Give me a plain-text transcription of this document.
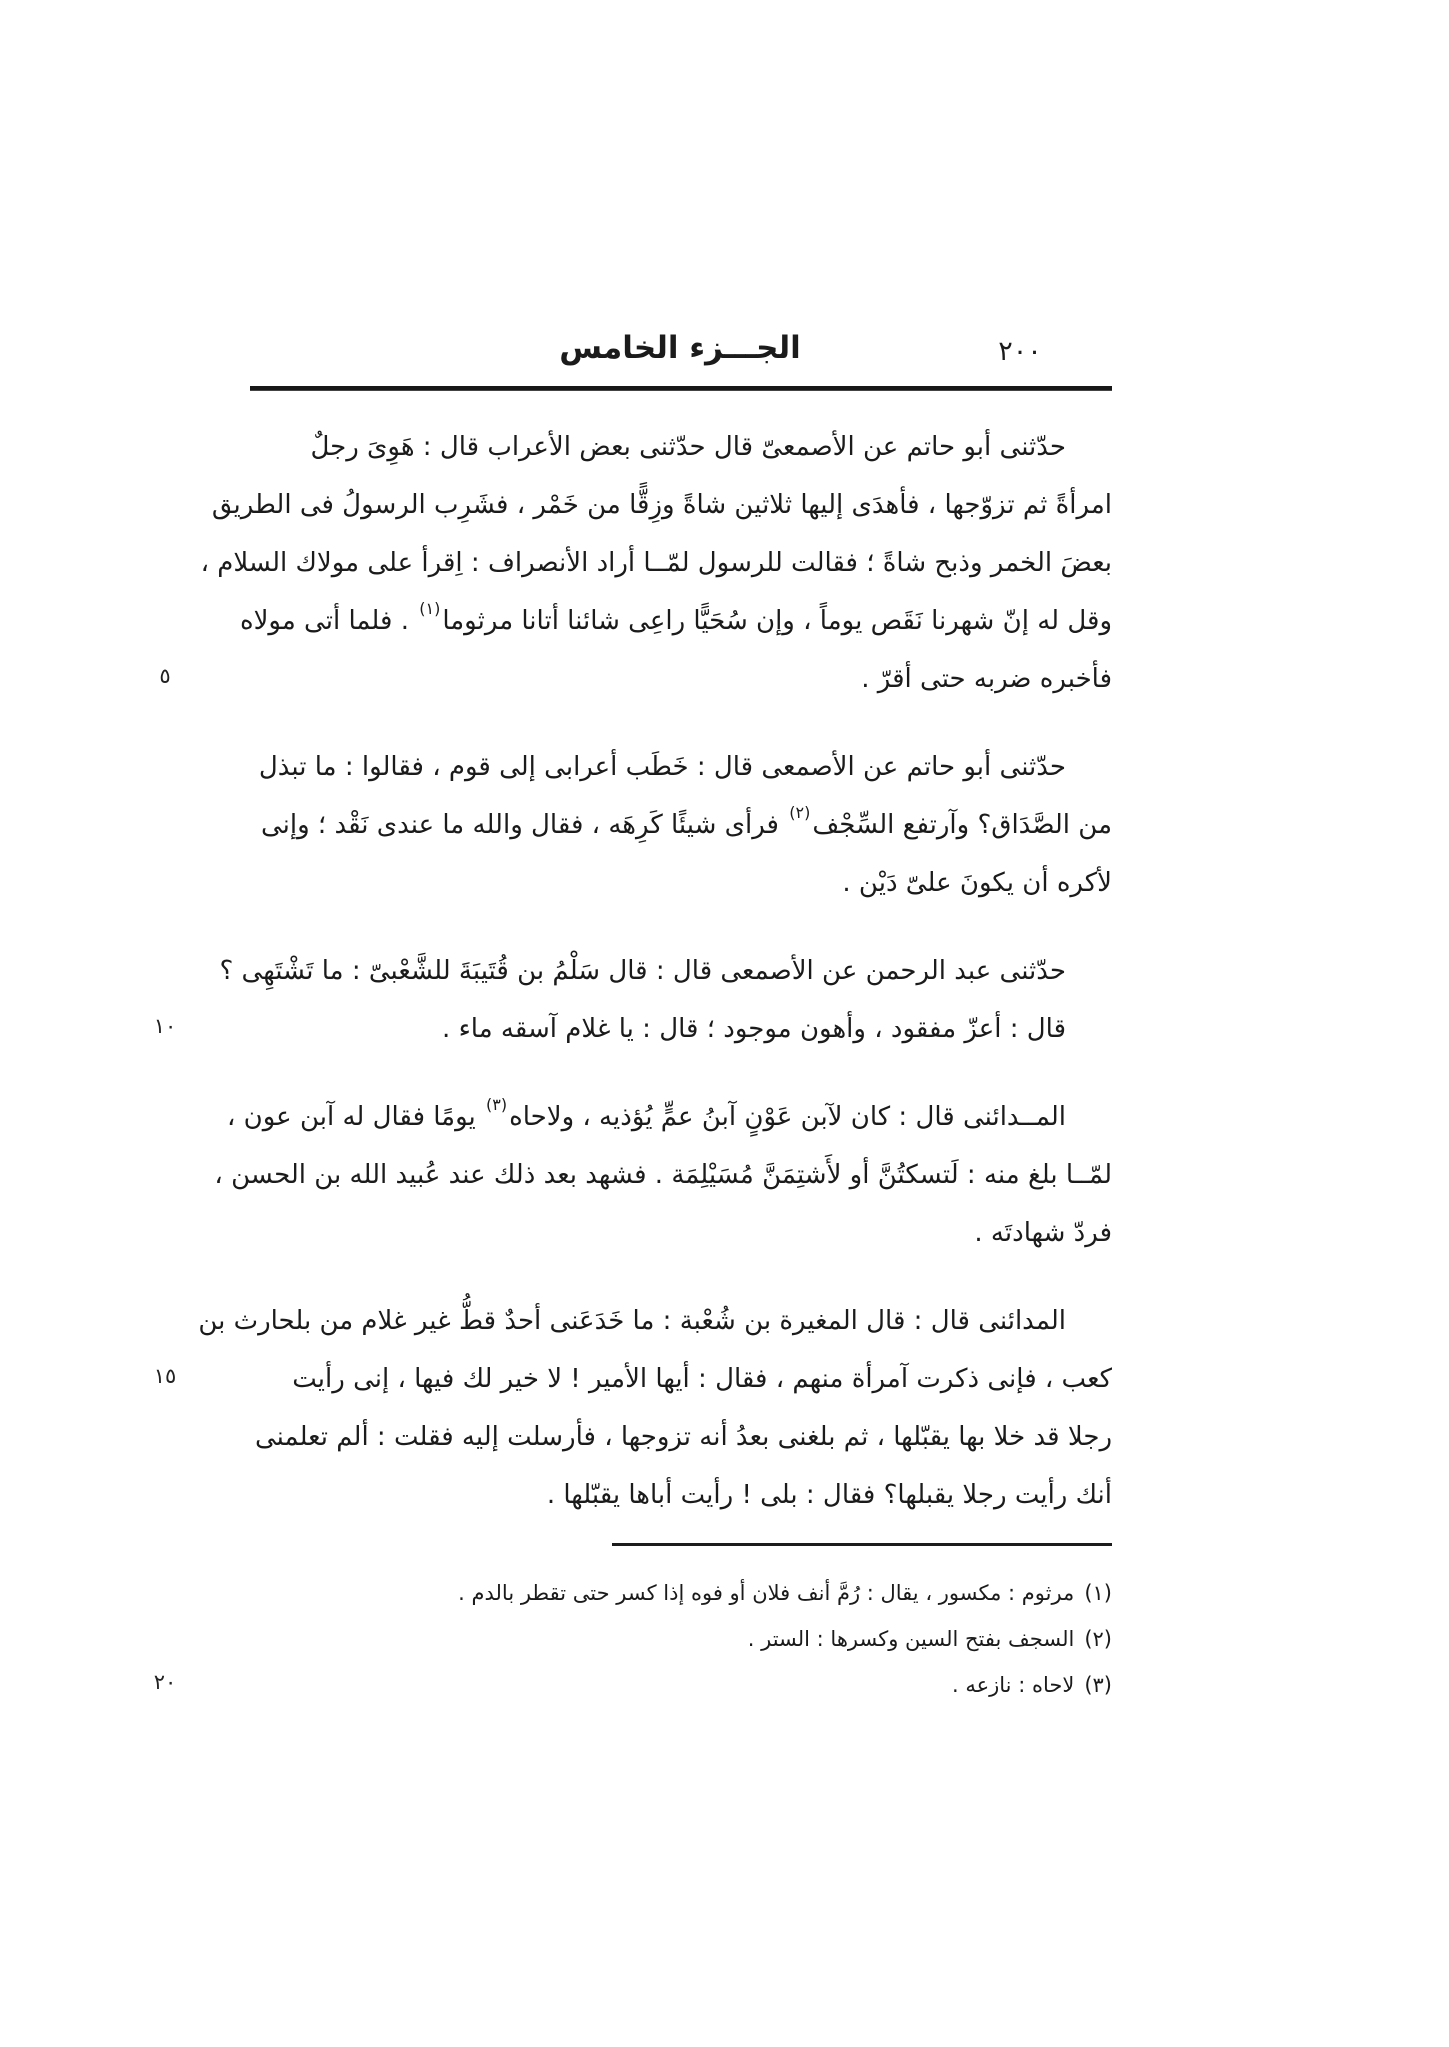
الجـــزء الخامس	٢٠٠
٥
١٠
١٥
٢٠
حدّثنى أبو حاتم عن الأصمعىّ قال حدّثنى بعض الأعراب قال : هَوِىَ رجلٌ
امرأةً ثم تزوّجها ، فأهدَى إليها ثلاثين شاةً وزِقًّا من خَمْر ، فشَرِب الرسولُ فى الطريق
بعضَ الخمر وذبح شاةً ؛ فقالت للرسول لمّــا أراد الأنصراف : اِقرأ على مولاك السلام ،
وقل له إنّ شهرنا نَقَص يوماً ، وإن سُحَيًّا راعِى شائنا أتانا مرثوما$^{(١)}$ . فلما أتى مولاه
فأخبره ضربه حتى أقرّ .
حدّثنى أبو حاتم عن الأصمعى قال : خَطَب أعرابى إلى قوم ، فقالوا : ما تبذل
من الصَّدَاق؟ وآرتفع السِّجْف$^{(٢)}$ فرأى شيئًا كَرِهَه ، فقال والله ما عندى نَقْد ؛ وإنى
لأكره أن يكونَ علىّ دَيْن .
حدّثنى عبد الرحمن عن الأصمعى قال : قال سَلْمُ بن قُتَيبَةَ للشَّعْبىّ : ما تَشْتَهِى ؟
قال : أعزّ مفقود ، وأهون موجود ؛ قال : يا غلام آسقه ماء .
المــدائنى قال : كان لآبن عَوْنٍ آبنُ عمٍّ يُؤذيه ، ولاحاه$^{(٣)}$ يومًا فقال له آبن عون ،
لمّــا بلغ منه : لَتسكتُنَّ أو لأَشتِمَنَّ مُسَيْلِمَة . فشهد بعد ذلك عند عُبيد الله بن الحسن ،
فردّ شهادتَه .
المدائنى قال : قال المغيرة بن شُعْبة : ما خَدَعَنى أحدٌ قطُّ غير غلام من بلحارث بن
كعب ، فإنى ذكرت آمرأة منهم ، فقال : أيها الأمير ! لا خير لك فيها ، إنى رأيت
رجلا قد خلا بها يقبّلها ، ثم بلغنى بعدُ أنه تزوجها ، فأرسلت إليه فقلت : ألم تعلمنى
أنك رأيت رجلا يقبلها؟ فقال : بلى ! رأيت أباها يقبّلها .
(١)مرثوم : مكسور ، يقال : رُمَّ أنف فلان أو فوه إذا كسر حتى تقطر بالدم .
(٢)السجف بفتح السين وكسرها : الستر .
(٣)لاحاه : نازعه .
